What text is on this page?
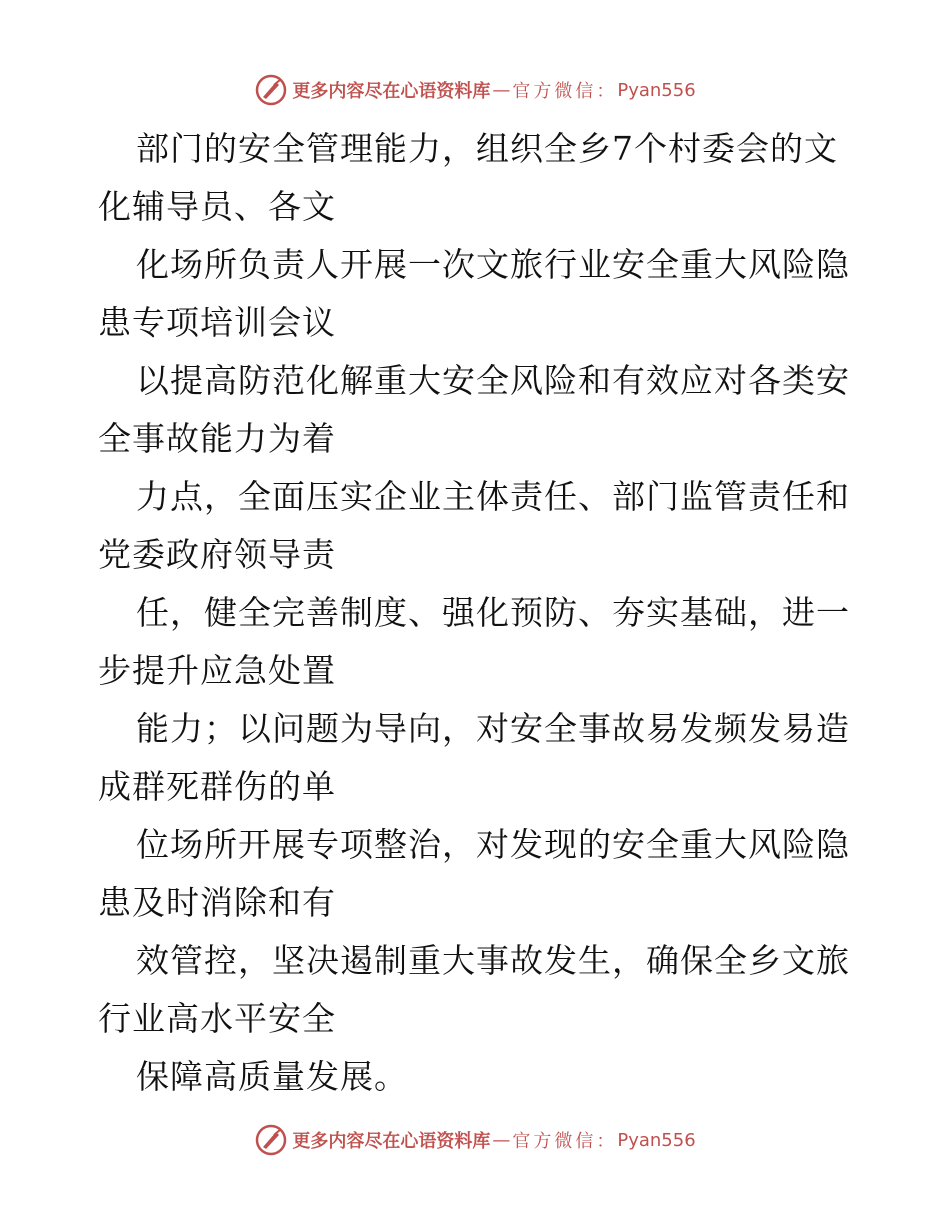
更多内容尽在心语资料库 — 官方微信： Pyan556
部门的安全管理能力，组织全乡7个村委会的文
化辅导员、各文
化场所负责人开展一次文旅行业安全重大风险隐
患专项培训会议
以提高防范化解重大安全风险和有效应对各类安
全事故能力为着
力点，全面压实企业主体责任、部门监管责任和
党委政府领导责
任，健全完善制度、强化预防、夯实基础，进一
步提升应急处置
能力；以问题为导向，对安全事故易发频发易造
成群死群伤的单
位场所开展专项整治，对发现的安全重大风险隐
患及时消除和有
效管控，坚决遏制重大事故发生，确保全乡文旅
行业高水平安全
保障高质量发展。
更多内容尽在心语资料库 — 官方微信： Pyan556
